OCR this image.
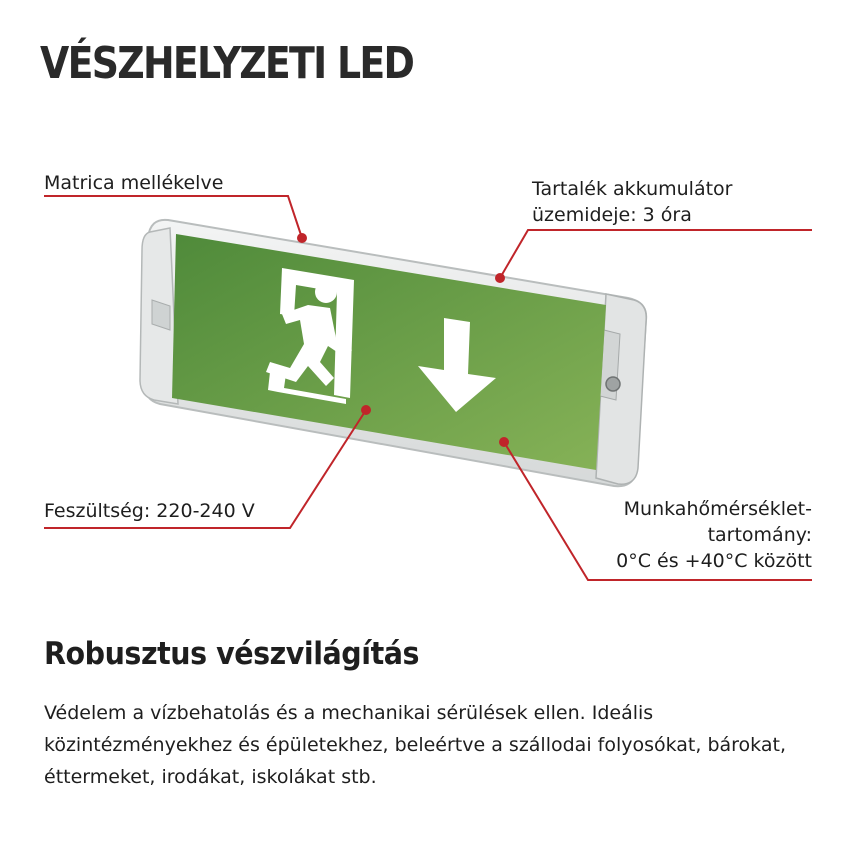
VÉSZHELYZETI LED
Matrica mellékelve	Tartalék akkumulátor
üzemideje: 3 óra
Feszültség: 220-240 V	Munkahőmérséklet-
tartomány:
0°C és +40°C között
Robusztus vészvilágítás
Védelem a vízbehatolás és a mechanikai sérülések ellen. Ideális közintézményekhez és épületekhez, beleértve a szállodai folyosókat, bárokat, éttermeket, irodákat, iskolákat stb.
